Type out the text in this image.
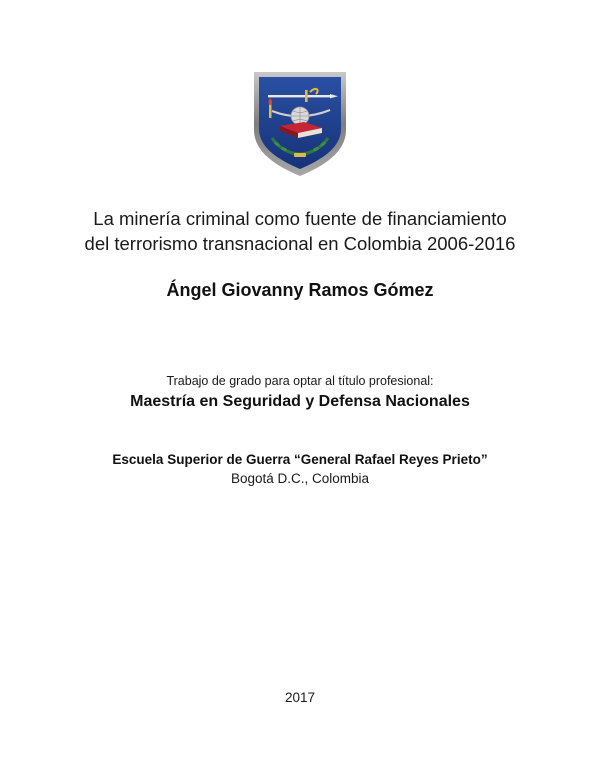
La minería criminal como fuente de financiamiento
del terrorismo transnacional en Colombia 2006-2016
Ángel Giovanny Ramos Gómez
Trabajo de grado para optar al título profesional:
Maestría en Seguridad y Defensa Nacionales
Escuela Superior de Guerra “General Rafael Reyes Prieto”
Bogotá D.C., Colombia
2017
